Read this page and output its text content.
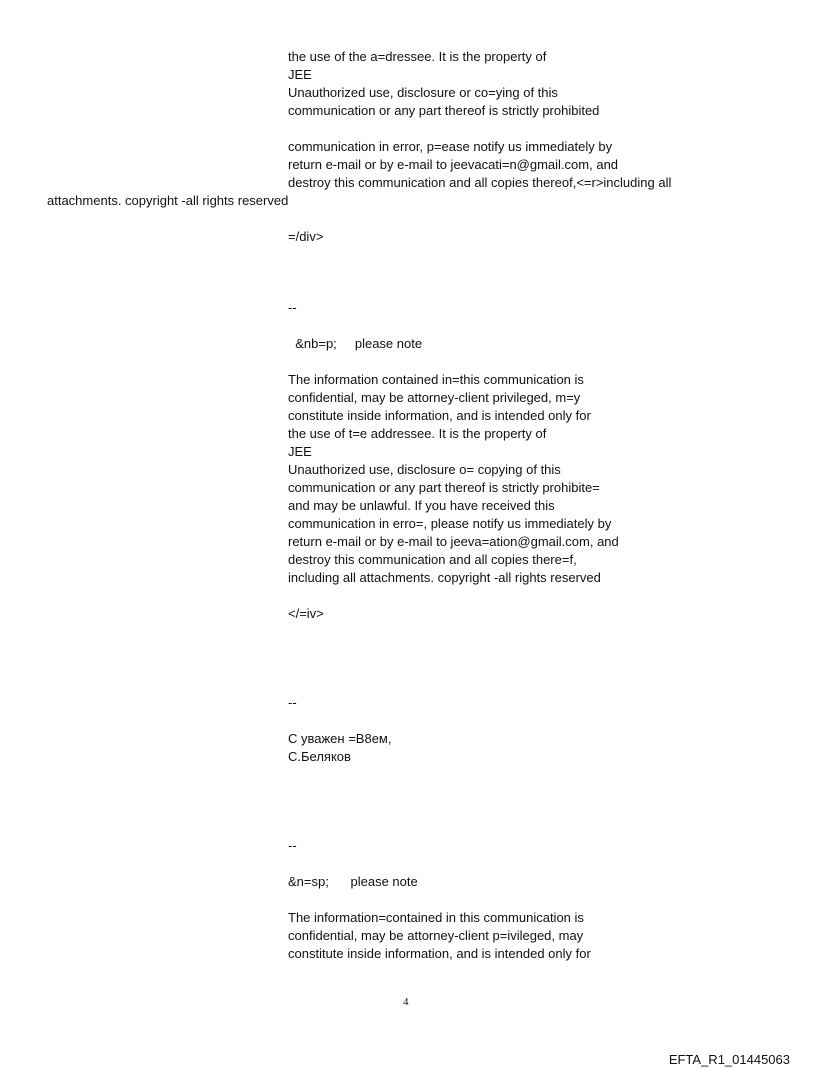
the use of the a=dressee. It is the property of
JEE
Unauthorized use, disclosure or co=ying of this
communication or any part thereof is strictly prohibited
communication in error, p=ease notify us immediately by
return e-mail or by e-mail to jeevacati=n@gmail.com, and
destroy this communication and all copies thereof,<=r>including all
attachments. copyright -all rights reserved
=/div>
--
&nb=p;     please note
The information contained in=this communication is
confidential, may be attorney-client privileged, m=y
constitute inside information, and is intended only for
the use of t=e addressee. It is the property of
JEE
Unauthorized use, disclosure o= copying of this
communication or any part thereof is strictly prohibite=
and may be unlawful. If you have received this
communication in erro=, please notify us immediately by
return e-mail or by e-mail to jeeva=ation@gmail.com, and
destroy this communication and all copies there=f,
including all attachments. copyright -all rights reserved
</=iv>
--
С уважен =В8ем,
С.Беляков
--
&n=sp;      please note
The information=contained in this communication is
confidential, may be attorney-client p=ivileged, may
constitute inside information, and is intended only for
4
EFTA_R1_01445063
